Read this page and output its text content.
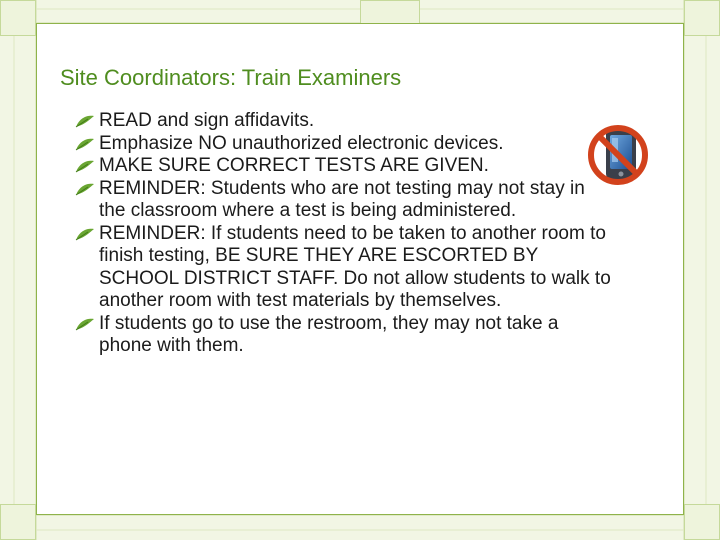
Site Coordinators: Train Examiners
READ and sign affidavits.
Emphasize NO unauthorized electronic devices.
MAKE SURE CORRECT TESTS ARE GIVEN.
REMINDER: Students who are not testing may not stay in the classroom where a test is being administered.
REMINDER: If students need to be taken to another room to finish testing, BE SURE THEY ARE ESCORTED BY SCHOOL DISTRICT STAFF. Do not allow students to walk to another room with test materials by themselves.
If students go to use the restroom, they may not take a phone with them.
